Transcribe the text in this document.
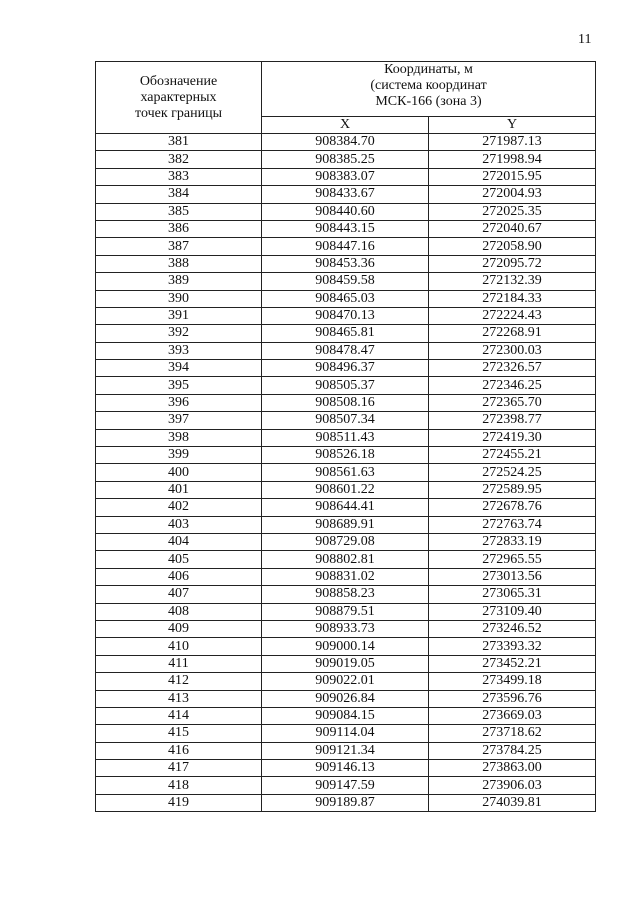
11
Обозначение
характерных
точек границы	Координаты, м
(система координат
МСК-166 (зона 3)	

	X	Y
381	908384.70	271987.13
382	908385.25	271998.94
383	908383.07	272015.95
384	908433.67	272004.93
385	908440.60	272025.35
386	908443.15	272040.67
387	908447.16	272058.90
388	908453.36	272095.72
389	908459.58	272132.39
390	908465.03	272184.33
391	908470.13	272224.43
392	908465.81	272268.91
393	908478.47	272300.03
394	908496.37	272326.57
395	908505.37	272346.25
396	908508.16	272365.70
397	908507.34	272398.77
398	908511.43	272419.30
399	908526.18	272455.21
400	908561.63	272524.25
401	908601.22	272589.95
402	908644.41	272678.76
403	908689.91	272763.74
404	908729.08	272833.19
405	908802.81	272965.55
406	908831.02	273013.56
407	908858.23	273065.31
408	908879.51	273109.40
409	908933.73	273246.52
410	909000.14	273393.32
411	909019.05	273452.21
412	909022.01	273499.18
413	909026.84	273596.76
414	909084.15	273669.03
415	909114.04	273718.62
416	909121.34	273784.25
417	909146.13	273863.00
418	909147.59	273906.03
419	909189.87	274039.81
